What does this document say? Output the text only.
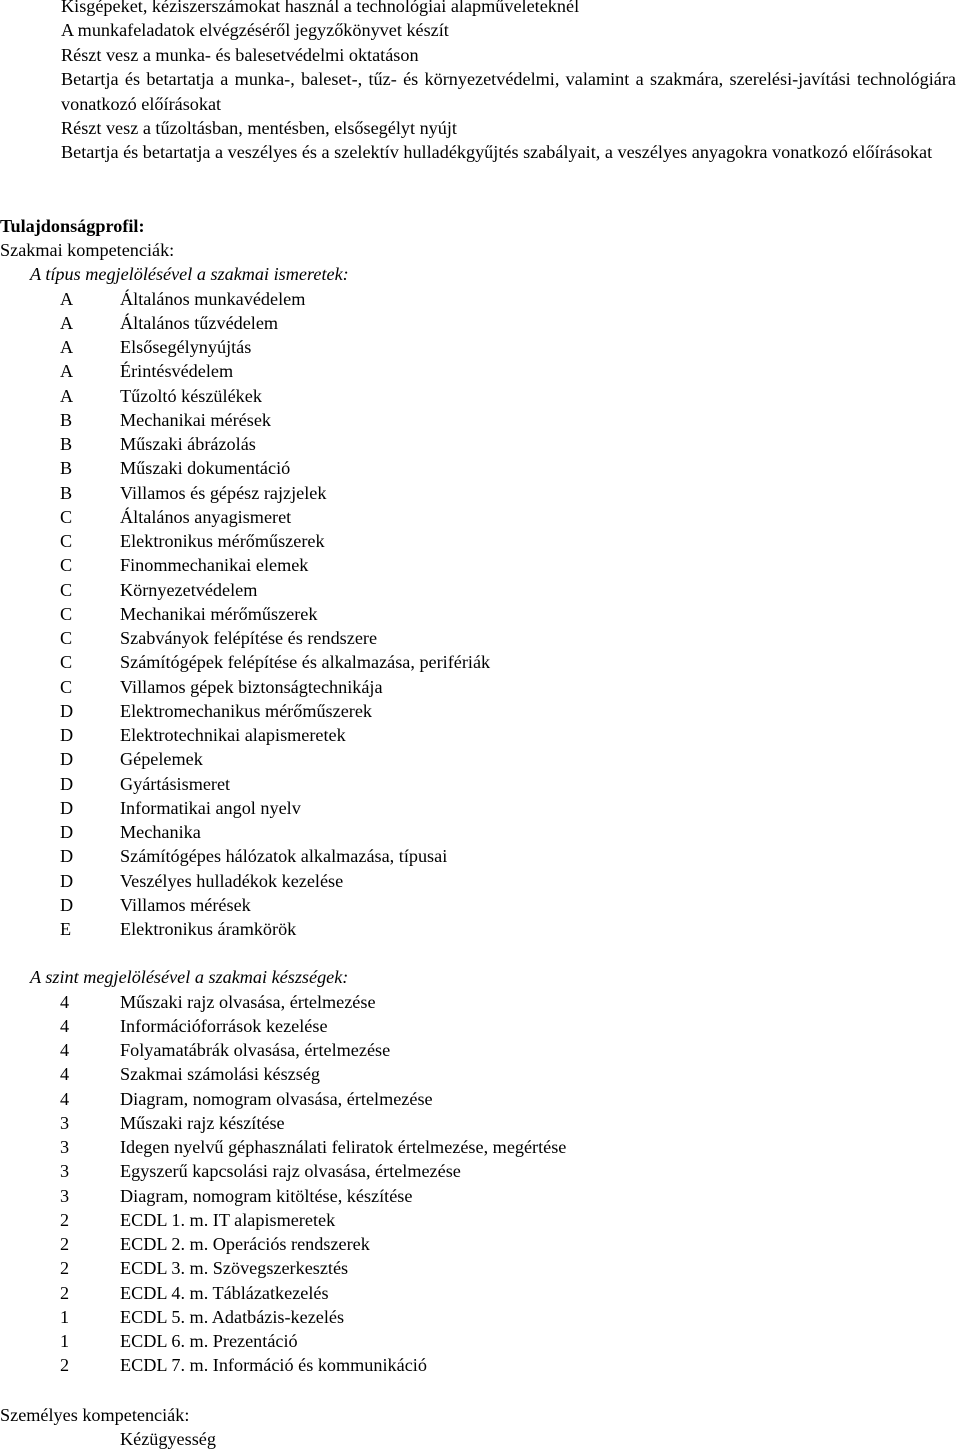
Kisgépeket, kéziszerszámokat használ a technológiai alapműveleteknél

A munkafeladatok elvégzéséről jegyzőkönyvet készít

Részt vesz a munka- és balesetvédelmi oktatáson

Betartja és betartatja a munka-, baleset-, tűz- és környezetvédelmi, valamint a szakmára, szerelési-javítási technológiára vonatkozó előírásokat

Részt vesz a tűzoltásban, mentésben, elsősegélyt nyújt

Betartja és betartatja a veszélyes és a szelektív hulladékgyűjtés szabályait, a veszélyes anyagokra vonatkozó előírásokat

Tulajdonságprofil:
Szakmai kompetenciák:
A típus megjelölésével a szakmai ismeretek:
A	Általános munkavédelem
A	Általános tűzvédelem
A	Elsősegélynyújtás
A	Érintésvédelem
A	Tűzoltó készülékek
B	Mechanikai mérések
B	Műszaki ábrázolás
B	Műszaki dokumentáció
B	Villamos és gépész rajzjelek
C	Általános anyagismeret
C	Elektronikus mérőműszerek
C	Finommechanikai elemek
C	Környezetvédelem
C	Mechanikai mérőműszerek
C	Szabványok felépítése és rendszere
C	Számítógépek felépítése és alkalmazása, perifériák
C	Villamos gépek biztonságtechnikája
D	Elektromechanikus mérőműszerek
D	Elektrotechnikai alapismeretek
D	Gépelemek
D	Gyártásismeret
D	Informatikai angol nyelv
D	Mechanika
D	Számítógépes hálózatok alkalmazása, típusai
D	Veszélyes hulladékok kezelése
D	Villamos mérések
E	Elektronikus áramkörök
A szint megjelölésével a szakmai készségek:
4	Műszaki rajz olvasása, értelmezése
4	Információforrások kezelése
4	Folyamatábrák olvasása, értelmezése
4	Szakmai számolási készség
4	Diagram, nomogram olvasása, értelmezése
3	Műszaki rajz készítése
3	Idegen nyelvű géphasználati feliratok értelmezése, megértése
3	Egyszerű kapcsolási rajz olvasása, értelmezése
3	Diagram, nomogram kitöltése, készítése
2	ECDL 1. m. IT alapismeretek
2	ECDL 2. m. Operációs rendszerek
2	ECDL 3. m. Szövegszerkesztés
2	ECDL 4. m. Táblázatkezelés
1	ECDL 5. m. Adatbázis-kezelés
1	ECDL 6. m. Prezentáció
2	ECDL 7. m. Információ és kommunikáció
Személyes kompetenciák:
Kézügyesség
